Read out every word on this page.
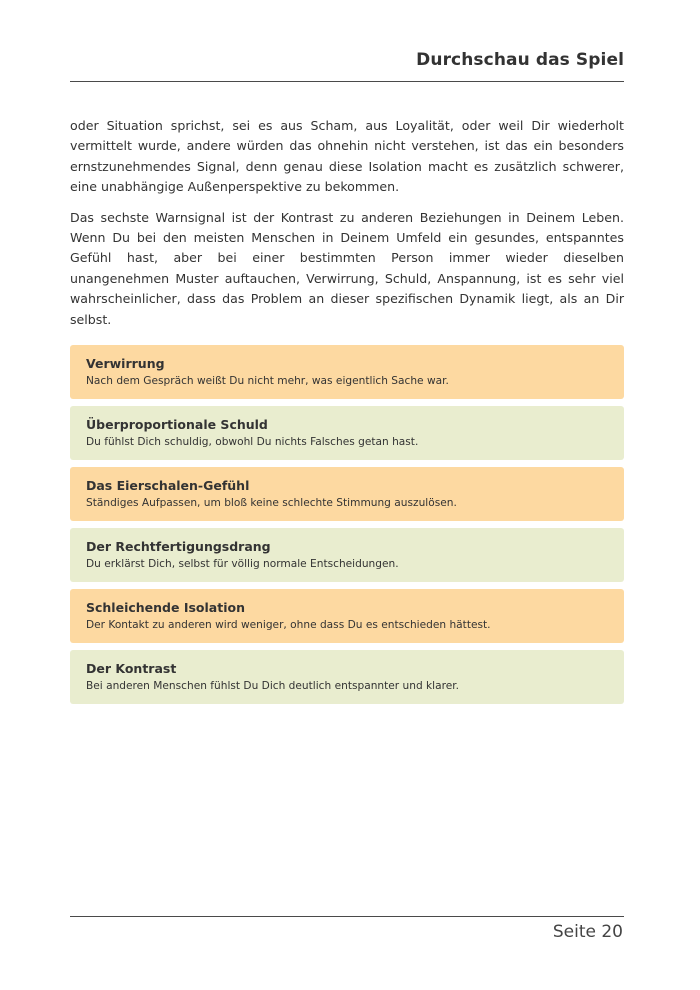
Durchschau das Spiel

oder Situation sprichst, sei es aus Scham, aus Loyalität, oder weil Dir wiederholt vermittelt wurde, andere würden das ohnehin nicht verstehen, ist das ein besonders ernstzunehmendes Signal, denn genau diese Isolation macht es zusätzlich schwerer, eine unabhängige Außenperspektive zu bekommen.

Das sechste Warnsignal ist der Kontrast zu anderen Beziehungen in Deinem Leben. Wenn Du bei den meisten Menschen in Deinem Umfeld ein gesundes, entspanntes Gefühl hast, aber bei einer bestimmten Person immer wieder dieselben unangenehmen Muster auftauchen, Verwirrung, Schuld, Anspannung, ist es sehr viel wahrscheinlicher, dass das Problem an dieser spezifischen Dynamik liegt, als an Dir selbst.

Verwirrung
Nach dem Gespräch weißt Du nicht mehr, was eigentlich Sache war.
Überproportionale Schuld
Du fühlst Dich schuldig, obwohl Du nichts Falsches getan hast.
Das Eierschalen-Gefühl
Ständiges Aufpassen, um bloß keine schlechte Stimmung auszulösen.
Der Rechtfertigungsdrang
Du erklärst Dich, selbst für völlig normale Entscheidungen.
Schleichende Isolation
Der Kontakt zu anderen wird weniger, ohne dass Du es entschieden hättest.
Der Kontrast
Bei anderen Menschen fühlst Du Dich deutlich entspannter und klarer.
Seite 20
